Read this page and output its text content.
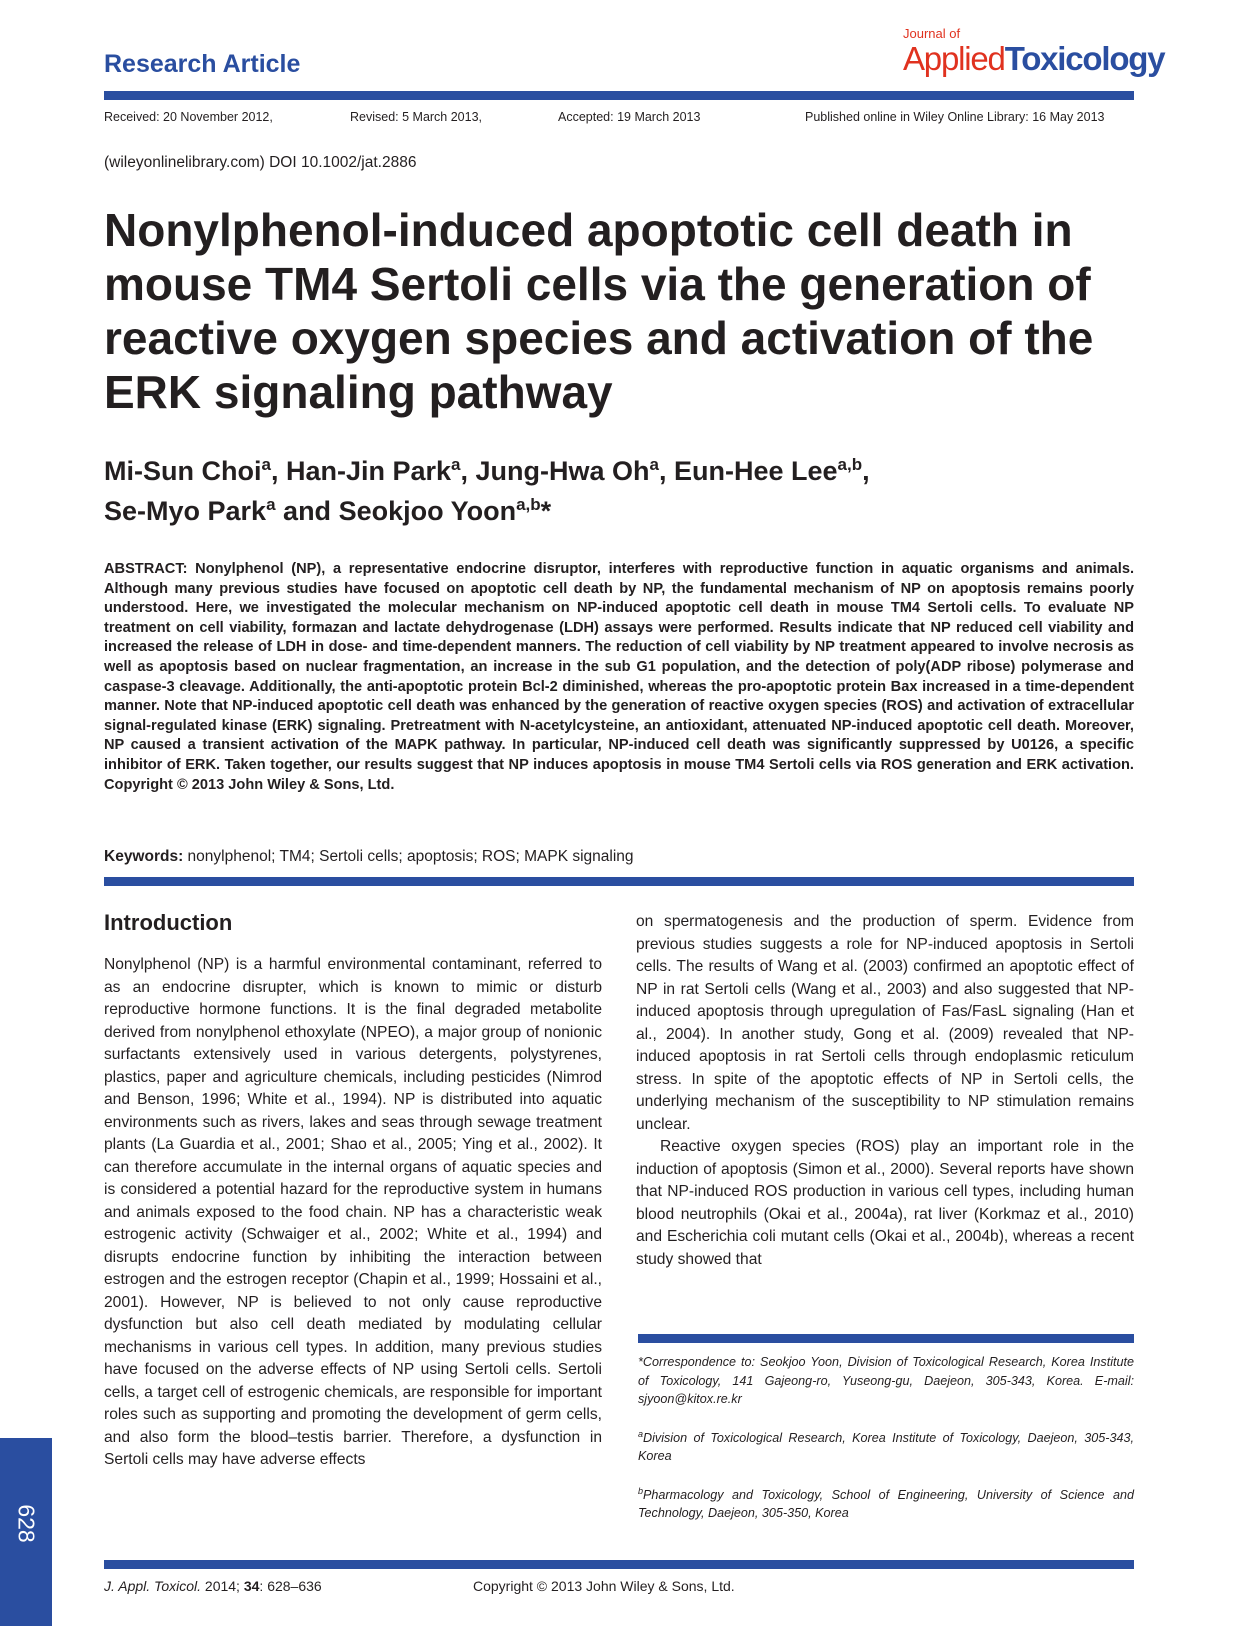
Research Article
Journal of
AppliedToxicology
Received: 20 November 2012,	Revised: 5 March 2013,	Accepted: 19 March 2013	Published online in Wiley Online Library: 16 May 2013
(wileyonlinelibrary.com) DOI 10.1002/jat.2886
Nonylphenol-induced apoptotic cell death in mouse TM4 Sertoli cells via the generation of reactive oxygen species and activation of the ERK signaling pathway
Mi-Sun Choi$^a$, Han-Jin Park$^a$, Jung-Hwa Oh$^a$, Eun-Hee Lee$^{a,b}$,
Se-Myo Park$^a$ and Seokjoo Yoon$^{a,b}$*
ABSTRACT: Nonylphenol (NP), a representative endocrine disruptor, interferes with reproductive function in aquatic organisms and animals. Although many previous studies have focused on apoptotic cell death by NP, the fundamental mechanism of NP on apoptosis remains poorly understood. Here, we investigated the molecular mechanism on NP-induced apoptotic cell death in mouse TM4 Sertoli cells. To evaluate NP treatment on cell viability, formazan and lactate dehydrogenase (LDH) assays were performed. Results indicate that NP reduced cell viability and increased the release of LDH in dose- and time-dependent manners. The reduction of cell viability by NP treatment appeared to involve necrosis as well as apoptosis based on nuclear fragmentation, an increase in the sub G1 population, and the detection of poly(ADP ribose) polymerase and caspase-3 cleavage. Additionally, the anti-apoptotic protein Bcl-2 diminished, whereas the pro-apoptotic protein Bax increased in a time-dependent manner. Note that NP-induced apoptotic cell death was enhanced by the generation of reactive oxygen species (ROS) and activation of extracellular signal-regulated kinase (ERK) signaling. Pretreatment with N-acetylcysteine, an antioxidant, attenuated NP-induced apoptotic cell death. Moreover, NP caused a transient activation of the MAPK pathway. In particular, NP-induced cell death was significantly suppressed by U0126, a specific inhibitor of ERK. Taken together, our results suggest that NP induces apoptosis in mouse TM4 Sertoli cells via ROS generation and ERK activation. Copyright © 2013 John Wiley & Sons, Ltd.
Keywords: nonylphenol; TM4; Sertoli cells; apoptosis; ROS; MAPK signaling
Introduction

Nonylphenol (NP) is a harmful environmental contaminant, referred to as an endocrine disrupter, which is known to mimic or disturb reproductive hormone functions. It is the final degraded metabolite derived from nonylphenol ethoxylate (NPEO), a major group of nonionic surfactants extensively used in various detergents, polystyrenes, plastics, paper and agriculture chemicals, including pesticides (Nimrod and Benson, 1996; White et al., 1994). NP is distributed into aquatic environments such as rivers, lakes and seas through sewage treatment plants (La Guardia et al., 2001; Shao et al., 2005; Ying et al., 2002). It can therefore accumulate in the internal organs of aquatic species and is considered a potential hazard for the reproductive system in humans and animals exposed to the food chain. NP has a characteristic weak estrogenic activity (Schwaiger et al., 2002; White et al., 1994) and disrupts endocrine function by inhibiting the interaction between estrogen and the estrogen receptor (Chapin et al., 1999; Hossaini et al., 2001). However, NP is believed to not only cause reproductive dysfunction but also cell death mediated by modulating cellular mechanisms in various cell types. In addition, many previous studies have focused on the adverse effects of NP using Sertoli cells. Sertoli cells, a target cell of estrogenic chemicals, are responsible for important roles such as supporting and promoting the development of germ cells, and also form the blood–testis barrier. Therefore, a dysfunction in Sertoli cells may have adverse effects

on spermatogenesis and the production of sperm. Evidence from previous studies suggests a role for NP-induced apoptosis in Sertoli cells. The results of Wang et al. (2003) confirmed an apoptotic effect of NP in rat Sertoli cells (Wang et al., 2003) and also suggested that NP-induced apoptosis through upregulation of Fas/FasL signaling (Han et al., 2004). In another study, Gong et al. (2009) revealed that NP-induced apoptosis in rat Sertoli cells through endoplasmic reticulum stress. In spite of the apoptotic effects of NP in Sertoli cells, the underlying mechanism of the susceptibility to NP stimulation remains unclear.

Reactive oxygen species (ROS) play an important role in the induction of apoptosis (Simon et al., 2000). Several reports have shown that NP-induced ROS production in various cell types, including human blood neutrophils (Okai et al., 2004a), rat liver (Korkmaz et al., 2010) and Escherichia coli mutant cells (Okai et al., 2004b), whereas a recent study showed that

*Correspondence to: Seokjoo Yoon, Division of Toxicological Research, Korea Institute of Toxicology, 141 Gajeong-ro, Yuseong-gu, Daejeon, 305-343, Korea. E-mail: sjyoon@kitox.re.kr

$^a$Division of Toxicological Research, Korea Institute of Toxicology, Daejeon, 305-343, Korea

$^b$Pharmacology and Toxicology, School of Engineering, University of Science and Technology, Daejeon, 305-350, Korea

628
J. Appl. Toxicol. 2014; 34: 628–636	Copyright © 2013 John Wiley & Sons, Ltd.
